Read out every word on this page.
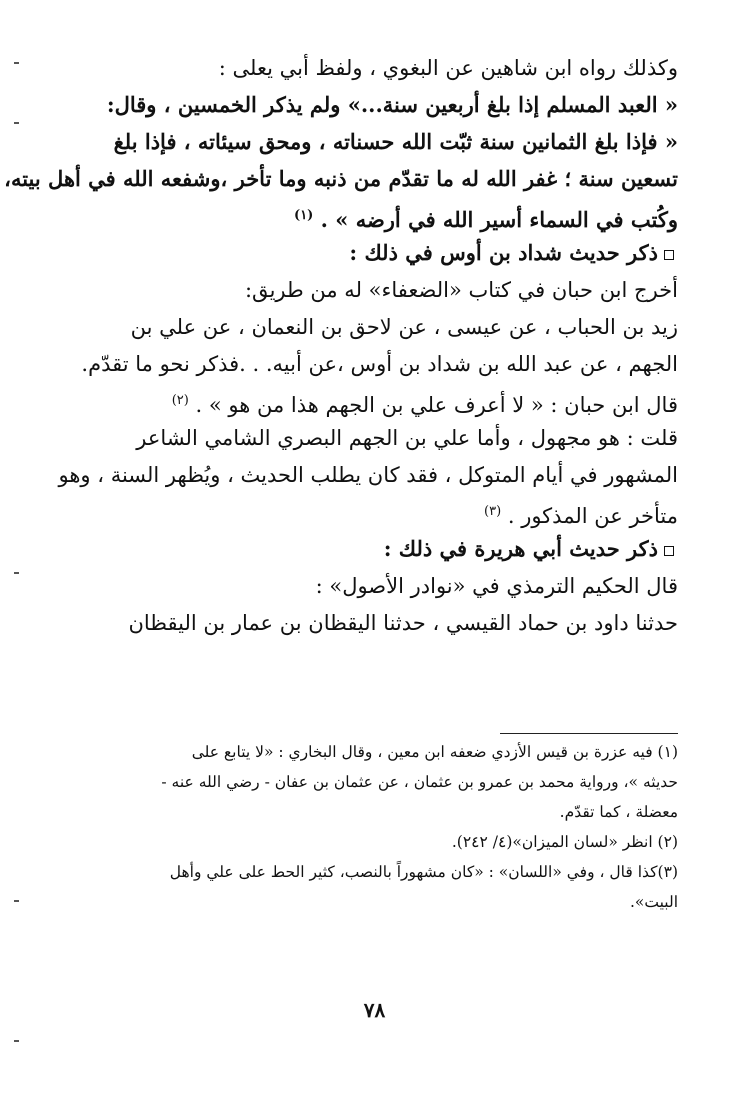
وكذلك رواه ابن شاهين عن البغوي ، ولفظ أبي يعلى :
« العبد المسلم إذا بلغ أربعين سنة...» ولم يذكر الخمسين ، وقال:
« فإذا بلغ الثمانين سنة ثبّت الله حسناته ، ومحق سيئاته ، فإذا بلغ
تسعين سنة ؛ غفر الله له ما تقدّم من ذنبه وما تأخر ،وشفعه الله في أهل بيته،
وكُتب في السماء أسير الله في أرضه » . $^{(١)}$
ذكر حديث شداد بن أوس في ذلك :
أخرج ابن حبان في كتاب «الضعفاء» له من طريق:
زيد بن الحباب ، عن عيسى ، عن لاحق بن النعمان ، عن علي بن
الجهم ، عن عبد الله بن شداد بن أوس ،عن أبيه. . .فذكر نحو ما تقدّم.
قال ابن حبان : « لا أعرف علي بن الجهم هذا من هو » . $^{(٢)}$
قلت : هو مجهول ، وأما علي بن الجهم البصري الشامي الشاعر
المشهور في أيام المتوكل ، فقد كان يطلب الحديث ، ويُظهر السنة ، وهو
متأخر عن المذكور . $^{(٣)}$
ذكر حديث أبي هريرة في ذلك :
قال الحكيم الترمذي في «نوادر الأصول» :
حدثنا داود بن حماد القيسي ، حدثنا اليقظان بن عمار بن اليقظان
(١) فيه عزرة بن قيس الأزدي ضعفه ابن معين ، وقال البخاري : «لا يتابع على
حديثه »، ورواية محمد بن عمرو بن عثمان ، عن عثمان بن عفان - رضي الله عنه -
معضلة ، كما تقدّم.
(٢) انظر «لسان الميزان»(٤/ ٢٤٢).
(٣)كذا قال ، وفي «اللسان» : «كان مشهوراً بالنصب، كثير الحط على علي وأهل
البيت».
٧٨
